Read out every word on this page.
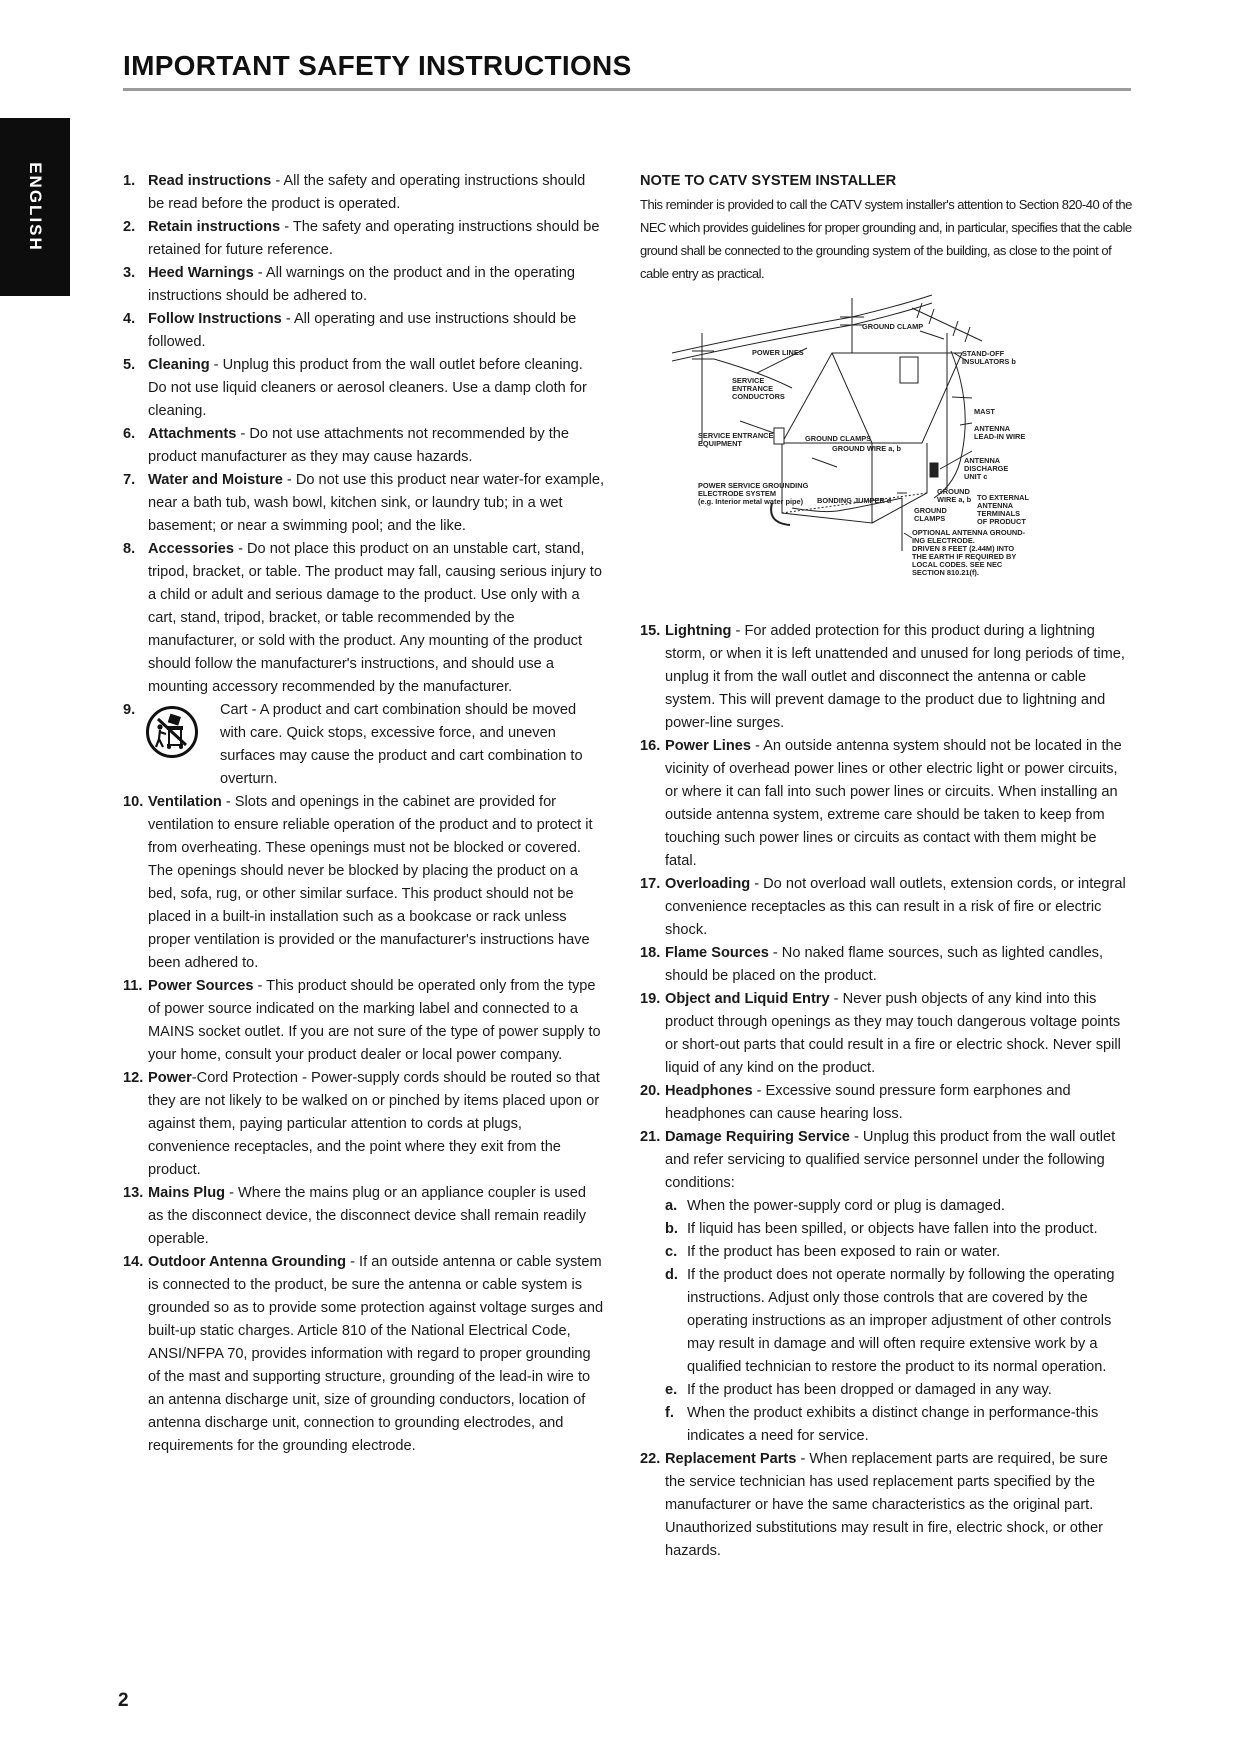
IMPORTANT SAFETY INSTRUCTIONS
ENGLISH	1. Read instructions - All the safety and operating instructions should be read before the product is operated.
2. Retain instructions - The safety and operating instructions should be retained for future reference.
3. Heed Warnings - All warnings on the product and in the operating instructions should be adhered to.
4. Follow Instructions - All operating and use instructions should be followed.
5. Cleaning - Unplug this product from the wall outlet before cleaning. Do not use liquid cleaners or aerosol cleaners. Use a damp cloth for cleaning.
6. Attachments - Do not use attachments not recommended by the product manufacturer as they may cause hazards.
7. Water and Moisture - Do not use this product near water-for example, near a bath tub, wash bowl, kitchen sink, or laundry tub; in a wet basement; or near a swimming pool; and the like.
8. Accessories - Do not place this product on an unstable cart, stand, tripod, bracket, or table. The product may fall, causing serious injury to a child or adult and serious damage to the product. Use only with a cart, stand, tripod, bracket, or table recommended by the manufacturer, or sold with the product. Any mounting of the product should follow the manufacturer's instructions, and should use a mounting accessory recommended by the manufacturer.
9.	Cart - A product and cart combination should be moved with care. Quick stops, excessive force, and uneven surfaces may cause the product and cart combination to overturn.
10. Ventilation - Slots and openings in the cabinet are provided for ventilation to ensure reliable operation of the product and to protect it from overheating. These openings must not be blocked or covered. The openings should never be blocked by placing the product on a bed, sofa, rug, or other similar surface. This product should not be placed in a built-in installation such as a bookcase or rack unless proper ventilation is provided or the manufacturer's instructions have been adhered to.
11. Power Sources - This product should be operated only from the type of power source indicated on the marking label and connected to a MAINS socket outlet. If you are not sure of the type of power supply to your home, consult your product dealer or local power company.
12. Power-Cord Protection - Power-supply cords should be routed so that they are not likely to be walked on or pinched by items placed upon or against them, paying particular attention to cords at plugs, convenience receptacles, and the point where they exit from the product.
13. Mains Plug - Where the mains plug or an appliance coupler is used as the disconnect device, the disconnect device shall remain readily operable.
14. Outdoor Antenna Grounding - If an outside antenna or cable system is connected to the product, be sure the antenna or cable system is grounded so as to provide some protection against voltage surges and built-up static charges. Article 810 of the National Electrical Code, ANSI/NFPA 70, provides information with regard to proper grounding of the mast and supporting structure, grounding of the lead-in wire to an antenna discharge unit, size of grounding conductors, location of antenna discharge unit, connection to grounding electrodes, and requirements for the grounding electrode.
NOTE TO CATV SYSTEM INSTALLER
This reminder is provided to call the CATV system installer's attention to Section 820-40 of the NEC which provides guidelines for proper grounding and, in particular, specifies that the cable ground shall be connected to the grounding system of the building, as close to the point of cable entry as practical.
GROUND CLAMP
POWER LINES	STAND-OFF
INSULATORS b
SERVICE
ENTRANCE
CONDUCTORS
MAST
ANTENNA
LEAD-IN WIRE
SERVICE ENTRANCE
EQUIPMENT
GROUND CLAMPS
GROUND WIRE a, b
ANTENNA
DISCHARGE
UNIT c
POWER SERVICE GROUNDING
ELECTRODE SYSTEM
(e.g. Interior metal water pipe) BONDING JUMPER d
GROUND
WIRE a, b
GROUND
CLAMPS
TO EXTERNAL
ANTENNA
TERMINALS
OF PRODUCT
OPTIONAL ANTENNA GROUND-
ING ELECTRODE.
DRIVEN 8 FEET (2.44M) INTO
THE EARTH IF REQUIRED BY
LOCAL CODES. SEE NEC
SECTION 810.21(f).
15. Lightning - For added protection for this product during a lightning storm, or when it is left unattended and unused for long periods of time, unplug it from the wall outlet and disconnect the antenna or cable system. This will prevent damage to the product due to lightning and power-line surges.
16. Power Lines - An outside antenna system should not be located in the vicinity of overhead power lines or other electric light or power circuits, or where it can fall into such power lines or circuits. When installing an outside antenna system, extreme care should be taken to keep from touching such power lines or circuits as contact with them might be fatal.
17. Overloading - Do not overload wall outlets, extension cords, or integral convenience receptacles as this can result in a risk of fire or electric shock.
18. Flame Sources - No naked flame sources, such as lighted candles, should be placed on the product.
19. Object and Liquid Entry - Never push objects of any kind into this product through openings as they may touch dangerous voltage points or short-out parts that could result in a fire or electric shock. Never spill liquid of any kind on the product.
20. Headphones - Excessive sound pressure form earphones and headphones can cause hearing loss.
21. Damage Requiring Service - Unplug this product from the wall outlet and refer servicing to qualified service personnel under the following conditions:
a. When the power-supply cord or plug is damaged.
b. If liquid has been spilled, or objects have fallen into the product.
c. If the product has been exposed to rain or water.
d. If the product does not operate normally by following the operating instructions. Adjust only those controls that are covered by the operating instructions as an improper adjustment of other controls may result in damage and will often require extensive work by a qualified technician to restore the product to its normal operation.
e. If the product has been dropped or damaged in any way.
f. When the product exhibits a distinct change in performance-this indicates a need for service.
22. Replacement Parts - When replacement parts are required, be sure the service technician has used replacement parts specified by the manufacturer or have the same characteristics as the original part. Unauthorized substitutions may result in fire, electric shock, or other hazards.
2
